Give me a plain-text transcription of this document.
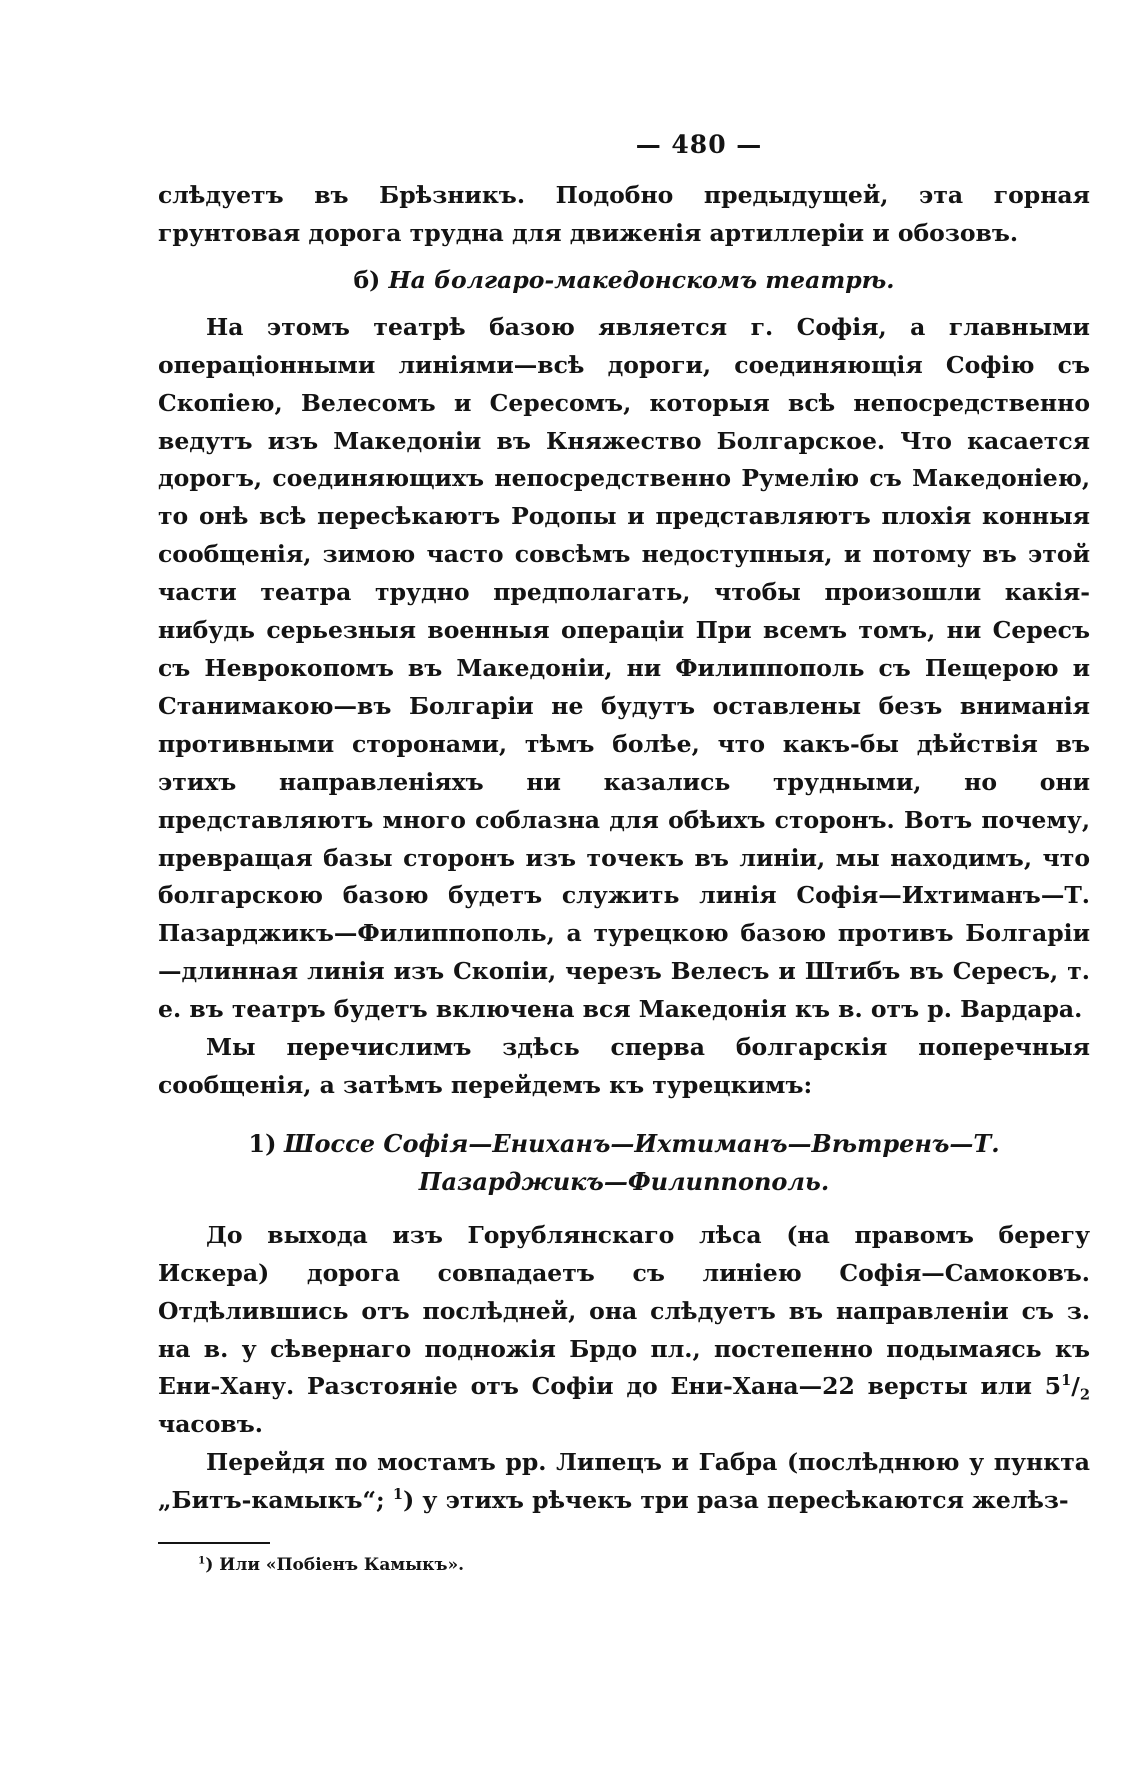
— 480 —

слѣдуетъ въ Брѣзникъ. Подобно предыдущей, эта горная грунтовая дорога трудна для движенія артиллеріи и обозовъ.

б) На болгаро-македонскомъ театрѣ.

На этомъ театрѣ базою является г. Софія, а главными операціонными линіями—всѣ дороги, соединяющія Софію съ Скопіею, Велесомъ и Сересомъ, которыя всѣ непосредственно ведутъ изъ Македоніи въ Княжество Болгарское. Что касается дорогъ, соединяющихъ непосредственно Румелію съ Македоніею, то онѣ всѣ пересѣкаютъ Родопы и представляютъ плохія конныя сообщенія, зимою часто совсѣмъ недоступныя, и потому въ этой части театра трудно предполагать, чтобы произошли какія-нибудь серьезныя военныя операціи При всемъ томъ, ни Сересъ съ Неврокопомъ въ Македоніи, ни Филиппополь съ Пещерою и Станимакою—въ Болгаріи не будутъ оставлены безъ вниманія противными сторонами, тѣмъ болѣе, что какъ-бы дѣйствія въ этихъ направленіяхъ ни казались трудными, но они представляютъ много соблазна для обѣихъ сторонъ. Вотъ почему, превращая базы сторонъ изъ точекъ въ линіи, мы находимъ, что болгарскою базою будетъ служить линія Софія—Ихтиманъ—Т. Пазарджикъ—Филиппополь, а турецкою базою противъ Болгаріи—длинная линія изъ Скопіи, черезъ Велесъ и Штибъ въ Сересъ, т. е. въ театръ будетъ включена вся Македонія къ в. отъ р. Вардара.

Мы перечислимъ здѣсь сперва болгарскія поперечныя сообщенія, а затѣмъ перейдемъ къ турецкимъ:

1) Шоссе Софія—Ениханъ—Ихтиманъ—Вѣтренъ—Т. Пазарджикъ—Филиппополь.

До выхода изъ Горублянскаго лѣса (на правомъ берегу Искера) дорога совпадаетъ съ линіею Софія—Самоковъ. Отдѣлившись отъ послѣдней, она слѣдуетъ въ направленіи съ з. на в. у сѣвернаго подножія Брдо пл., постепенно подымаясь къ Ени-Хану. Разстояніе отъ Софіи до Ени-Хана—22 версты или $5^1/_2$ часовъ.

Перейдя по мостамъ рр. Липецъ и Габра (послѣднюю у пункта „Битъ-камыкъ“; $^1$) у этихъ рѣчекъ три раза пересѣкаются желѣз-

$^1$) Или «Побіенъ Камыкъ».
